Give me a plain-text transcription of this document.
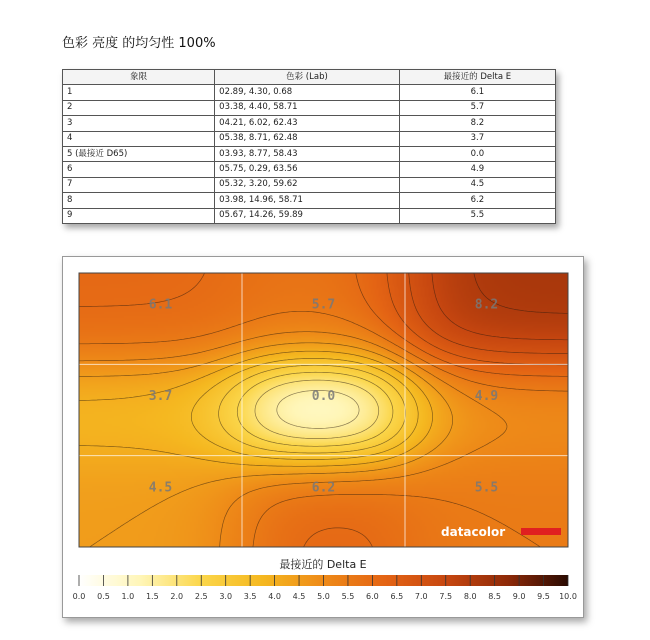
色彩 亮度 的均匀性 100%
象限	色彩 (Lab)	最接近的 Delta E
1	02.89, 4.30, 0.68	6.1
2	03.38, 4.40, 58.71	5.7
3	04.21, 6.02, 62.43	8.2
4	05.38, 8.71, 62.48	3.7
5 (最接近 D65)	03.93, 8.77, 58.43	0.0
6	05.75, 0.29, 63.56	4.9
7	05.32, 3.20, 59.62	4.5
8	03.98, 14.96, 58.71	6.2
9	05.67, 14.26, 59.89	5.5
6.1	5.7	8.2
3.7	0.0	4.9
4.5	6.2	5.5
datacolor
最接近的 Delta E
0.0 0.5 1.0 1.5 2.0 2.5 3.0 3.5 4.0 4.5 5.0 5.5 6.0 6.5 7.0 7.5 8.0 8.5 9.0 9.5 10.0
